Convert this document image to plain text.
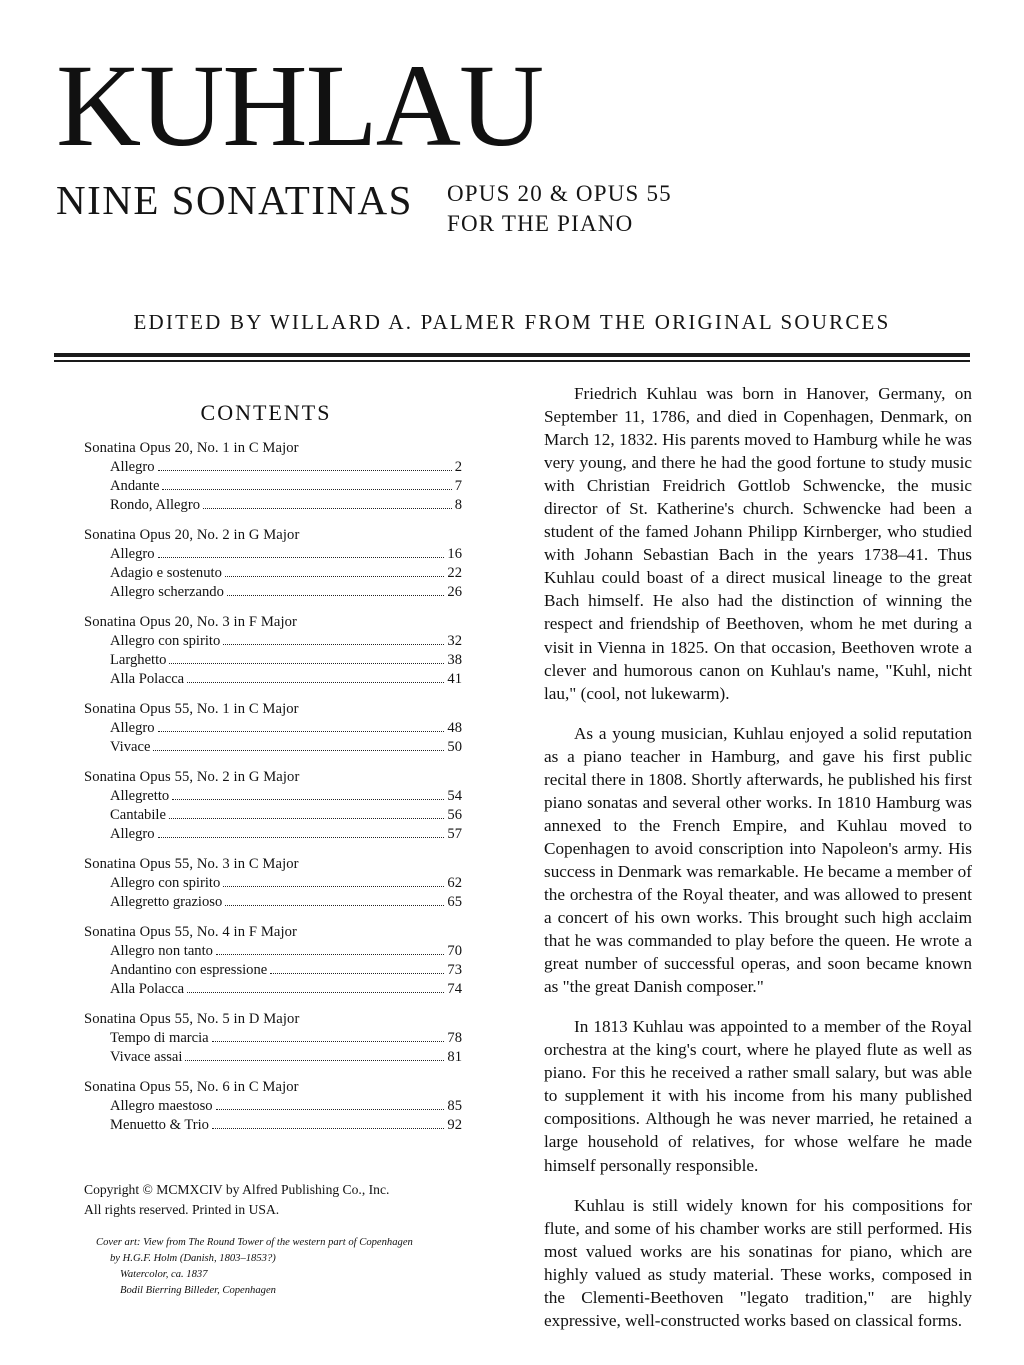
KUHLAU
NINE SONATINAS OPUS 20 & OPUS 55
FOR THE PIANO
EDITED BY WILLARD A. PALMER FROM THE ORIGINAL SOURCES
CONTENTS
Sonatina Opus 20, No. 1 in C Major
Allegro	2
Andante	7
Rondo, Allegro	8
Sonatina Opus 20, No. 2 in G Major
Allegro	16
Adagio e sostenuto	22
Allegro scherzando	26
Sonatina Opus 20, No. 3 in F Major
Allegro con spirito	32
Larghetto	38
Alla Polacca	41
Sonatina Opus 55, No. 1 in C Major
Allegro	48
Vivace	50
Sonatina Opus 55, No. 2 in G Major
Allegretto	54
Cantabile	56
Allegro	57
Sonatina Opus 55, No. 3 in C Major
Allegro con spirito	62
Allegretto grazioso	65
Sonatina Opus 55, No. 4 in F Major
Allegro non tanto	70
Andantino con espressione	73
Alla Polacca	74
Sonatina Opus 55, No. 5 in D Major
Tempo di marcia	78
Vivace assai	81
Sonatina Opus 55, No. 6 in C Major
Allegro maestoso	85
Menuetto & Trio	92
Copyright © MCMXCIV by Alfred Publishing Co., Inc.
All rights reserved. Printed in USA.
Cover art: View from The Round Tower of the western part of Copenhagen
by H.G.F. Holm (Danish, 1803–1853?)
Watercolor, ca. 1837
Bodil Bierring Billeder, Copenhagen

Friedrich Kuhlau was born in Hanover, Germany, on September 11, 1786, and died in Copenhagen, Denmark, on March 12, 1832. His parents moved to Hamburg while he was very young, and there he had the good fortune to study music with Christian Freidrich Gottlob Schwencke, the music director of St. Katherine's church. Schwencke had been a student of the famed Johann Philipp Kirnberger, who studied with Johann Sebastian Bach in the years 1738–41. Thus Kuhlau could boast of a direct musical lineage to the great Bach himself. He also had the distinction of winning the respect and friendship of Beethoven, whom he met during a visit in Vienna in 1825. On that occasion, Beethoven wrote a clever and humorous canon on Kuhlau's name, "Kuhl, nicht lau," (cool, not lukewarm).

As a young musician, Kuhlau enjoyed a solid reputation as a piano teacher in Hamburg, and gave his first public recital there in 1808. Shortly afterwards, he published his first piano sonatas and several other works. In 1810 Hamburg was annexed to the French Empire, and Kuhlau moved to Copenhagen to avoid conscription into Napoleon's army. His success in Denmark was remarkable. He became a member of the orchestra of the Royal theater, and was allowed to present a concert of his own works. This brought such high acclaim that he was commanded to play before the queen. He wrote a great number of successful operas, and soon became known as "the great Danish composer."

In 1813 Kuhlau was appointed to a member of the Royal orchestra at the king's court, where he played flute as well as piano. For this he received a rather small salary, but was able to supplement it with his income from his many published compositions. Although he was never married, he retained a large household of relatives, for whose welfare he made himself personally responsible.

Kuhlau is still widely known for his compositions for flute, and some of his chamber works are still performed. His most valued works are his sonatinas for piano, which are highly valued as study material. These works, composed in the Clementi-Beethoven "legato tradition," are highly expressive, well-constructed works based on classical forms.
